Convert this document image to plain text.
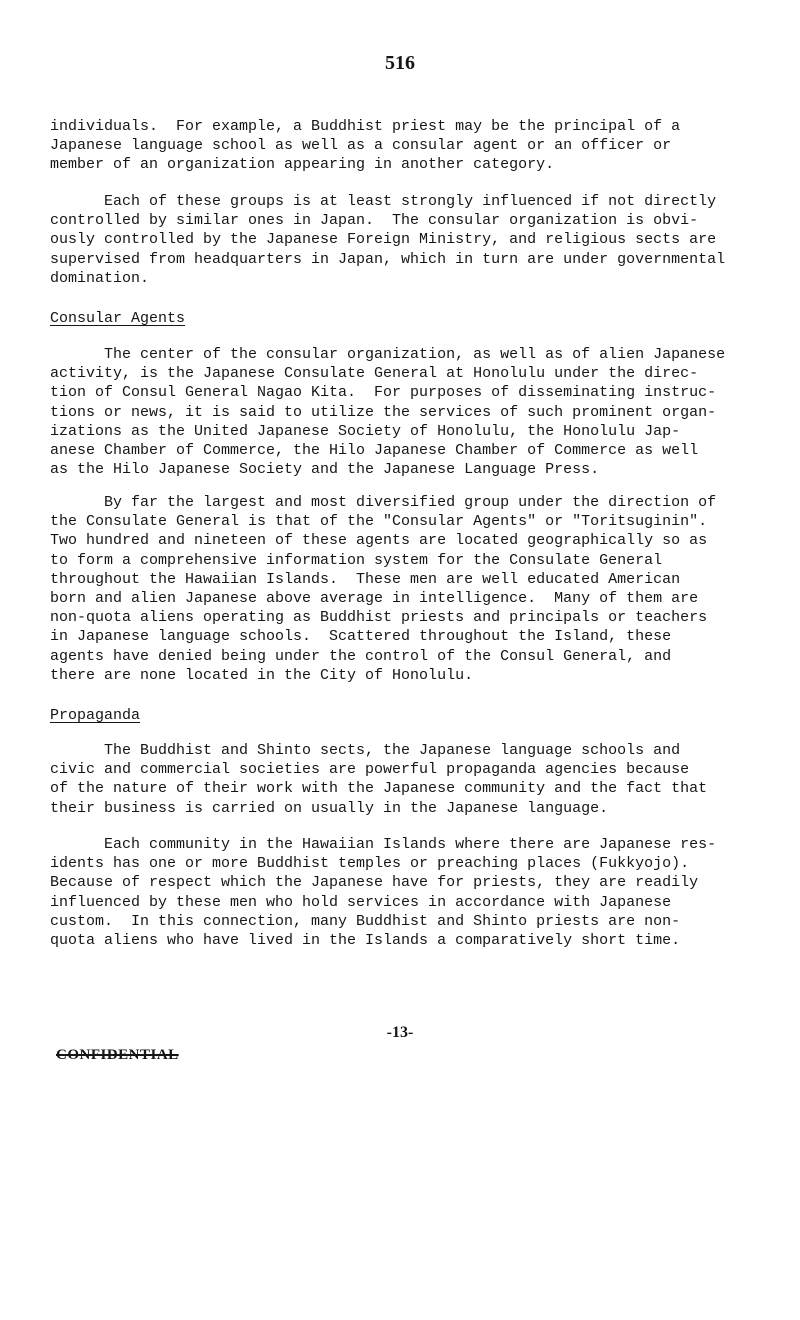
516

individuals.  For example, a Buddhist priest may be the principal of a
Japanese language school as well as a consular agent or an officer or
member of an organization appearing in another category.

Each of these groups is at least strongly influenced if not directly
controlled by similar ones in Japan.  The consular organization is obvi-
ously controlled by the Japanese Foreign Ministry, and religious sects are
supervised from headquarters in Japan, which in turn are under governmental
domination.

Consular Agents

The center of the consular organization, as well as of alien Japanese
activity, is the Japanese Consulate General at Honolulu under the direc-
tion of Consul General Nagao Kita.  For purposes of disseminating instruc-
tions or news, it is said to utilize the services of such prominent organ-
izations as the United Japanese Society of Honolulu, the Honolulu Jap-
anese Chamber of Commerce, the Hilo Japanese Chamber of Commerce as well
as the Hilo Japanese Society and the Japanese Language Press.

By far the largest and most diversified group under the direction of
the Consulate General is that of the "Consular Agents" or "Toritsuginin".
Two hundred and nineteen of these agents are located geographically so as
to form a comprehensive information system for the Consulate General
throughout the Hawaiian Islands.  These men are well educated American
born and alien Japanese above average in intelligence.  Many of them are
non-quota aliens operating as Buddhist priests and principals or teachers
in Japanese language schools.  Scattered throughout the Island, these
agents have denied being under the control of the Consul General, and
there are none located in the City of Honolulu.

Propaganda

The Buddhist and Shinto sects, the Japanese language schools and
civic and commercial societies are powerful propaganda agencies because
of the nature of their work with the Japanese community and the fact that
their business is carried on usually in the Japanese language.

Each community in the Hawaiian Islands where there are Japanese res-
idents has one or more Buddhist temples or preaching places (Fukkyojo).
Because of respect which the Japanese have for priests, they are readily
influenced by these men who hold services in accordance with Japanese
custom.  In this connection, many Buddhist and Shinto priests are non-
quota aliens who have lived in the Islands a comparatively short time.

-13-
CONFIDENTIAL
